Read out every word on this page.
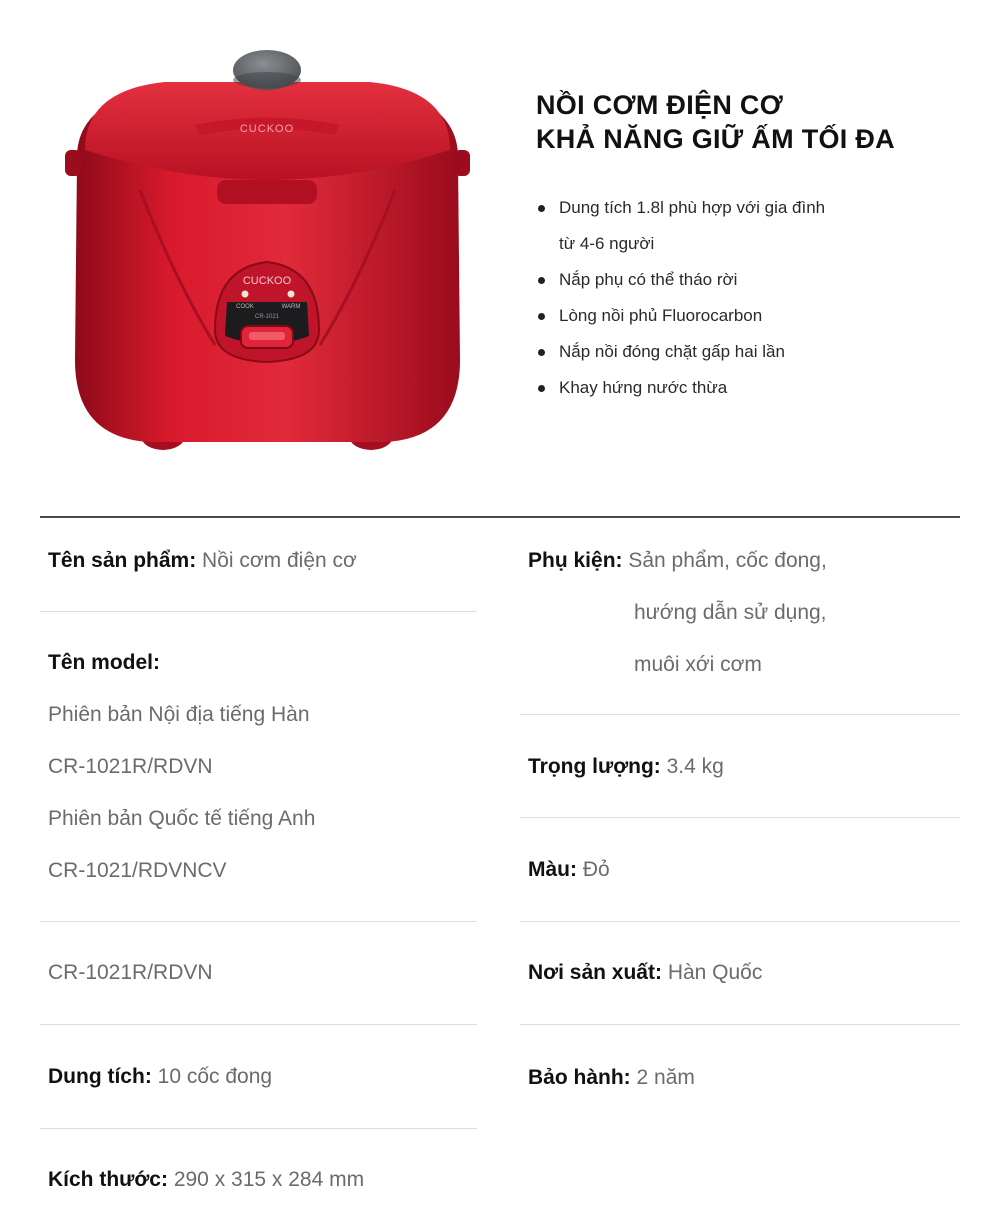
CUCKOO
CUCKOO
COOK	WARM
CR-1021
NỒI CƠM ĐIỆN CƠ
KHẢ NĂNG GIỮ ẤM TỐI ĐA
Dung tích 1.8l phù hợp với gia đình
từ 4-6 người
Nắp phụ có thể tháo rời
Lòng nồi phủ Fluorocarbon
Nắp nồi đóng chặt gấp hai lần
Khay hứng nước thừa
Tên sản phẩm: Nồi cơm điện cơ
Tên model:
Phiên bản Nội địa tiếng Hàn
CR-1021R/RDVN
Phiên bản Quốc tế tiếng Anh
CR-1021/RDVNCV
CR-1021R/RDVN
Dung tích: 10 cốc đong
Kích thước: 290 x 315 x 284 mm
Phụ kiện: Sản phẩm, cốc đong,
hướng dẫn sử dụng,
muôi xới cơm
Trọng lượng: 3.4 kg
Màu: Đỏ
Nơi sản xuất: Hàn Quốc
Bảo hành: 2 năm
